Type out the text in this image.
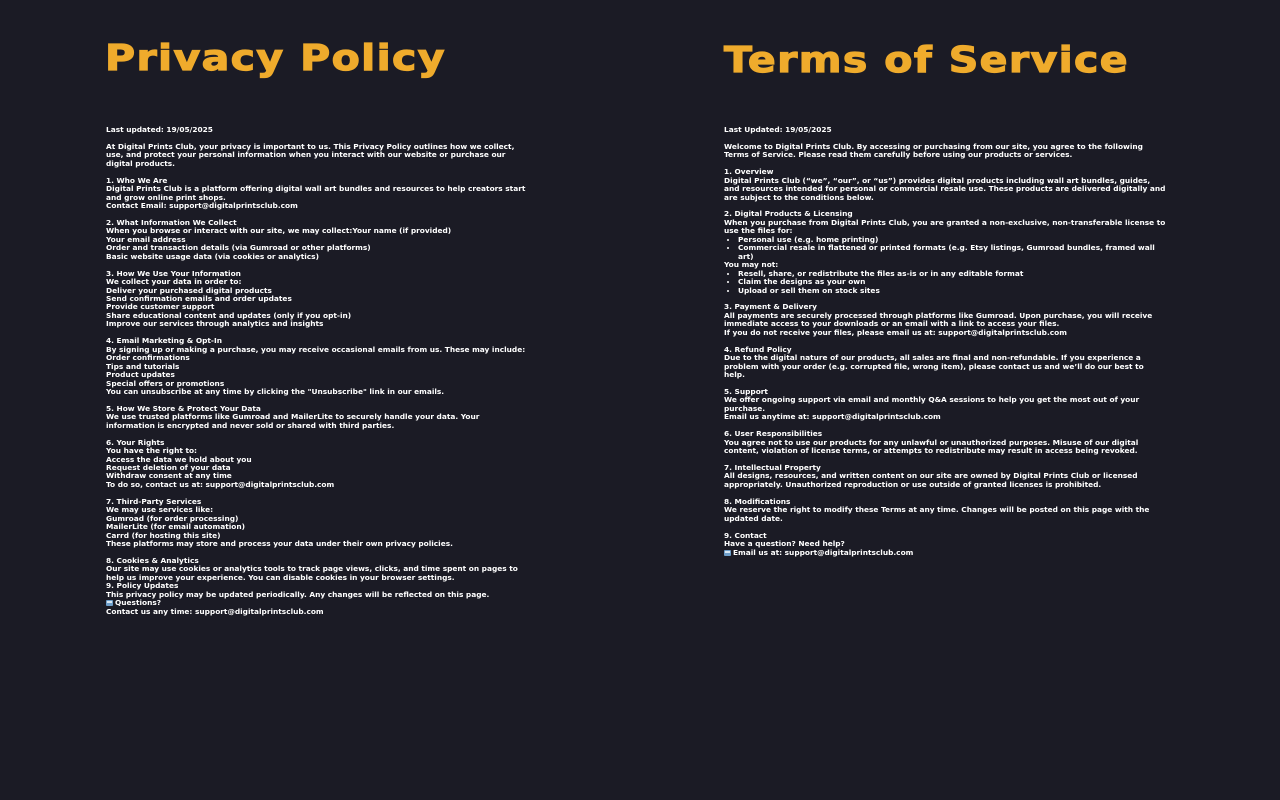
Privacy Policy	Terms of Service
Last updated: 19/05/2025
At Digital Prints Club, your privacy is important to us. This Privacy Policy outlines how we collect, use, and protect your personal information when you interact with our website or purchase our digital products.
1. Who We Are
Digital Prints Club is a platform offering digital wall art bundles and resources to help creators start and grow online print shops.
Contact Email: support@digitalprintsclub.com
2. What Information We Collect
When you browse or interact with our site, we may collect:Your name (if provided)
Your email address
Order and transaction details (via Gumroad or other platforms)
Basic website usage data (via cookies or analytics)
3. How We Use Your Information
We collect your data in order to:
Deliver your purchased digital products
Send confirmation emails and order updates
Provide customer support
Share educational content and updates (only if you opt-in)
Improve our services through analytics and insights
4. Email Marketing & Opt-In
By signing up or making a purchase, you may receive occasional emails from us. These may include:
Order confirmations
Tips and tutorials
Product updates
Special offers or promotions
You can unsubscribe at any time by clicking the "Unsubscribe" link in our emails.
5. How We Store & Protect Your Data
We use trusted platforms like Gumroad and MailerLite to securely handle your data. Your information is encrypted and never sold or shared with third parties.
6. Your Rights
You have the right to:
Access the data we hold about you
Request deletion of your data
Withdraw consent at any time
To do so, contact us at: support@digitalprintsclub.com
7. Third-Party Services
We may use services like:
Gumroad (for order processing)
MailerLite (for email automation)
Carrd (for hosting this site)
These platforms may store and process your data under their own privacy policies.
8. Cookies & Analytics
Our site may use cookies or analytics tools to track page views, clicks, and time spent on pages to help us improve your experience. You can disable cookies in your browser settings.
9. Policy Updates
This privacy policy may be updated periodically. Any changes will be reflected on this page.
Questions?
Contact us any time: support@digitalprintsclub.com
Last Updated: 19/05/2025
Welcome to Digital Prints Club. By accessing or purchasing from our site, you agree to the following Terms of Service. Please read them carefully before using our products or services.
1. Overview
Digital Prints Club (“we”, “our”, or “us”) provides digital products including wall art bundles, guides, and resources intended for personal or commercial resale use. These products are delivered digitally and are subject to the conditions below.
2. Digital Products & Licensing
When you purchase from Digital Prints Club, you are granted a non-exclusive, non-transferable license to use the files for:
• Personal use (e.g. home printing)
• Commercial resale in flattened or printed formats (e.g. Etsy listings, Gumroad bundles, framed wall art)
You may not:
• Resell, share, or redistribute the files as-is or in any editable format
• Claim the designs as your own
• Upload or sell them on stock sites
3. Payment & Delivery
All payments are securely processed through platforms like Gumroad. Upon purchase, you will receive immediate access to your downloads or an email with a link to access your files.
If you do not receive your files, please email us at: support@digitalprintsclub.com
4. Refund Policy
Due to the digital nature of our products, all sales are final and non-refundable. If you experience a problem with your order (e.g. corrupted file, wrong item), please contact us and we’ll do our best to help.
5. Support
We offer ongoing support via email and monthly Q&A sessions to help you get the most out of your purchase.
Email us anytime at: support@digitalprintsclub.com
6. User Responsibilities
You agree not to use our products for any unlawful or unauthorized purposes. Misuse of our digital content, violation of license terms, or attempts to redistribute may result in access being revoked.
7. Intellectual Property
All designs, resources, and written content on our site are owned by Digital Prints Club or licensed appropriately. Unauthorized reproduction or use outside of granted licenses is prohibited.
8. Modifications
We reserve the right to modify these Terms at any time. Changes will be posted on this page with the updated date.
9. Contact
Have a question? Need help?
Email us at: support@digitalprintsclub.com
